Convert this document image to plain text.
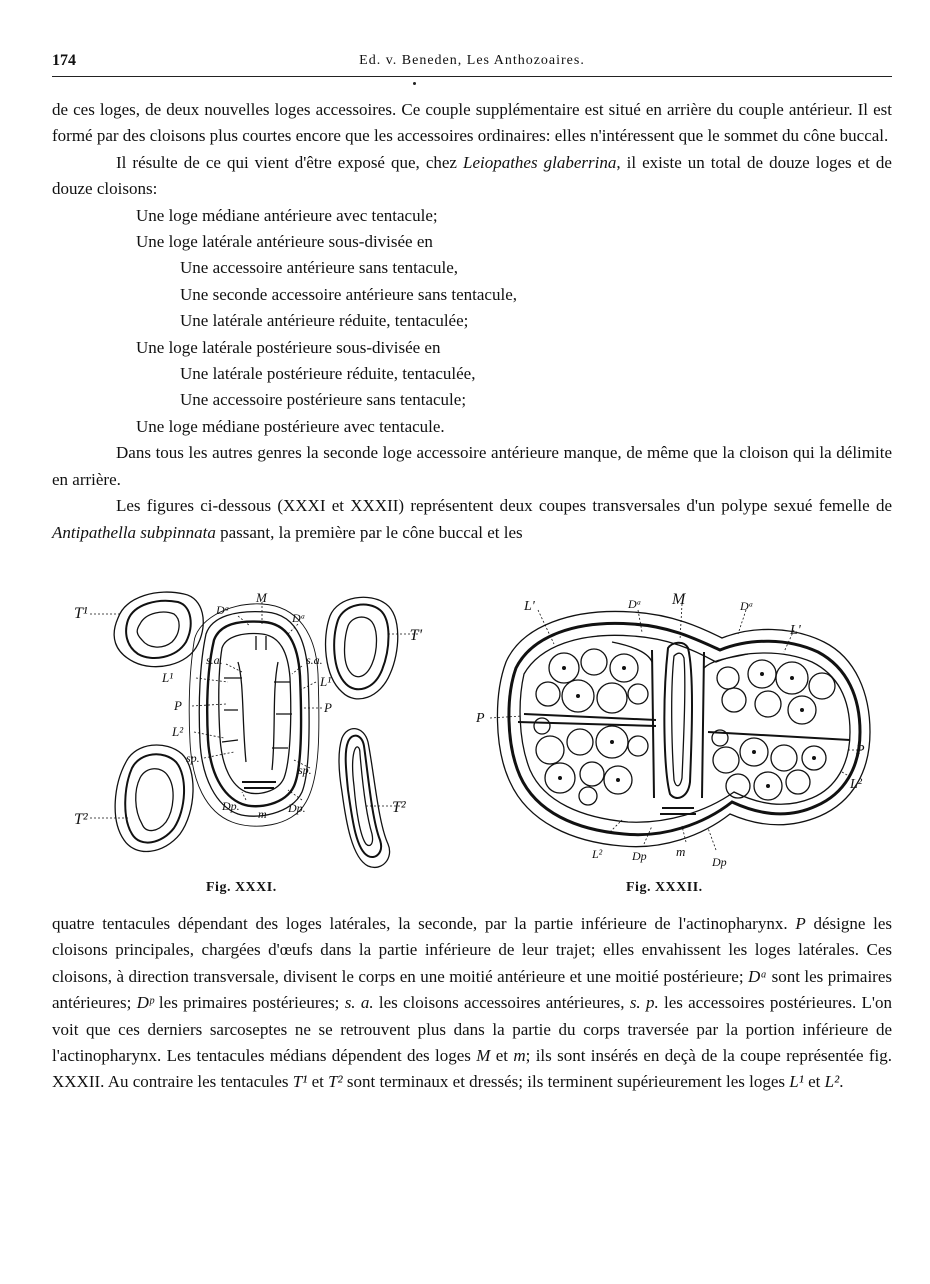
174	Ed. v. Beneden, Les Anthozoaires.

de ces loges, de deux nouvelles loges accessoires. Ce couple supplémentaire est situé en arrière du couple antérieur. Il est formé par des cloisons plus courtes encore que les accessoires ordinaires: elles n'intéressent que le sommet du cône buccal.

Il résulte de ce qui vient d'être exposé que, chez Leiopathes glaberrina, il existe un total de douze loges et de douze cloisons:

Une loge médiane antérieure avec tentacule;
Une loge latérale antérieure sous-divisée en
Une accessoire antérieure sans tentacule,
Une seconde accessoire antérieure sans tentacule,
Une latérale antérieure réduite, tentaculée;
Une loge latérale postérieure sous-divisée en
Une latérale postérieure réduite, tentaculée,
Une accessoire postérieure sans tentacule;
Une loge médiane postérieure avec tentacule.

Dans tous les autres genres la seconde loge accessoire antérieure manque, de même que la cloison qui la délimite en arrière.

Les figures ci-dessous (XXXI et XXXII) représentent deux coupes transversales d'un polype sexué femelle de Antipathella subpinnata passant, la première par le cône buccal et les

T¹	Dᵃ
M
Dᵃ
T'
s.a.	s.a.
L¹	L¹
P	P
L²
sp.
sp.
T²
T²
Dp.
m Dp.
Fig. XXXI.
L'	Dᵃ M	Dᵃ
L'
P
P
L²
L² Dp m
Dp
Fig. XXXII.

quatre tentacules dépendant des loges latérales, la seconde, par la partie inférieure de l'actinopharynx. P désigne les cloisons principales, chargées d'œufs dans la partie inférieure de leur trajet; elles envahissent les loges latérales. Ces cloisons, à direction transversale, divisent le corps en une moitié antérieure et une moitié postérieure; Dᵃ sont les primaires antérieures; Dᵖ les primaires postérieures; s. a. les cloisons accessoires antérieures, s. p. les accessoires postérieures. L'on voit que ces derniers sarcoseptes ne se retrouvent plus dans la partie du corps traversée par la portion inférieure de l'actinopharynx. Les tentacules médians dépendent des loges M et m; ils sont insérés en deçà de la coupe représentée fig. XXXII. Au contraire les tentacules T¹ et T² sont terminaux et dressés; ils terminent supérieurement les loges L¹ et L².
